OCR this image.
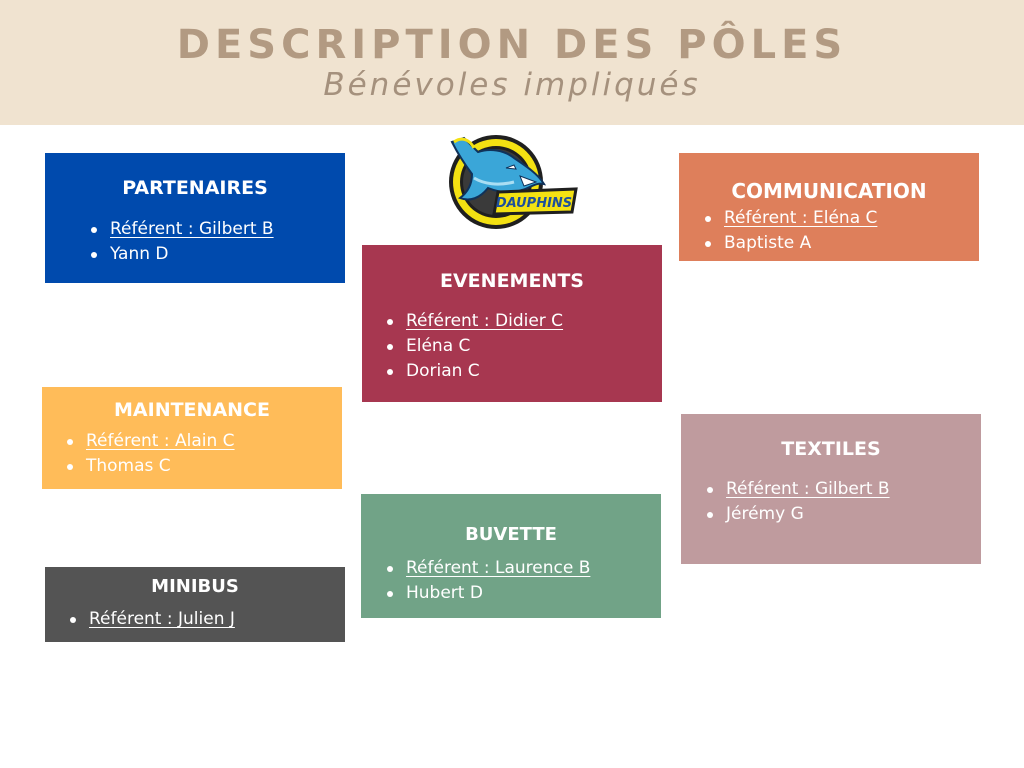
DESCRIPTION DES PÔLES
Bénévoles impliqués
DAUPHINS
PARTENAIRES
Référent : Gilbert B
Yann D
COMMUNICATION
Référent : Eléna C
Baptiste A
EVENEMENTS
Référent : Didier C
Eléna C
Dorian C
MAINTENANCE
Référent : Alain C
Thomas C
TEXTILES
Référent : Gilbert B
Jérémy G
BUVETTE
Référent : Laurence B
Hubert D
MINIBUS
Référent : Julien J
